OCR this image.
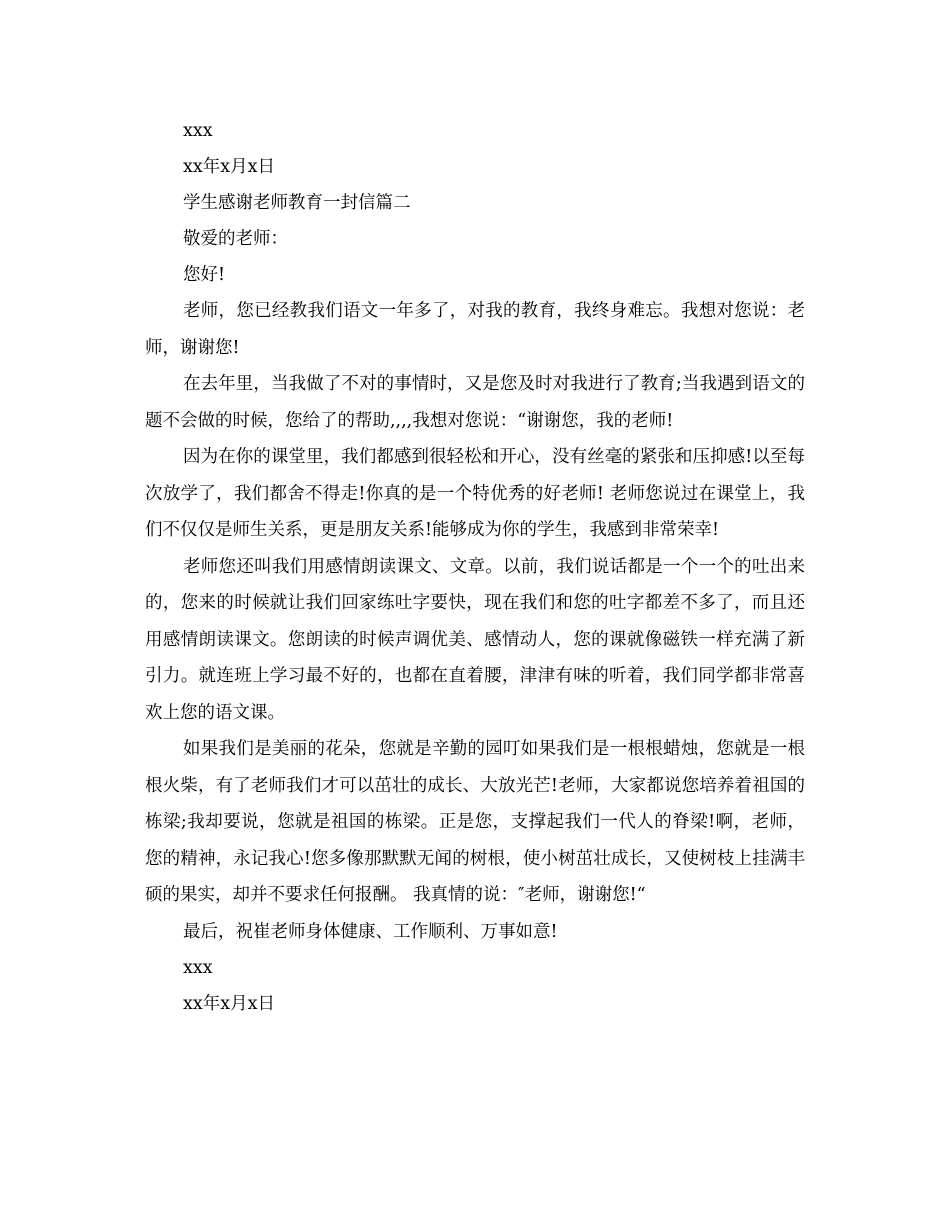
xxx

xx年x月x日

学生感谢老师教育一封信篇二

敬爱的老师：

您好!

老师，您已经教我们语文一年多了，对我的教育，我终身难忘。我想对您说：老师，谢谢您!

在去年里，当我做了不对的事情时，又是您及时对我进行了教育;当我遇到语文的题不会做的时候，您给了的帮助,,,,我想对您说：“谢谢您，我的老师!

因为在你的课堂里，我们都感到很轻松和开心，没有丝毫的紧张和压抑感!以至每次放学了，我们都舍不得走!你真的是一个特优秀的好老师! 老师您说过在课堂上，我们不仅仅是师生关系，更是朋友关系!能够成为你的学生，我感到非常荣幸!

老师您还叫我们用感情朗读课文、文章。以前，我们说话都是一个一个的吐出来的，您来的时候就让我们回家练吐字要快，现在我们和您的吐字都差不多了，而且还用感情朗读课文。您朗读的时候声调优美、感情动人，您的课就像磁铁一样充满了新引力。就连班上学习最不好的，也都在直着腰，津津有味的听着，我们同学都非常喜欢上您的语文课。

如果我们是美丽的花朵，您就是辛勤的园叮如果我们是一根根蜡烛，您就是一根根火柴，有了老师我们才可以茁壮的成长、大放光芒!老师，大家都说您培养着祖国的栋梁;我却要说，您就是祖国的栋梁。正是您，支撑起我们一代人的脊梁!啊，老师，您的精神，永记我心!您多像那默默无闻的树根，使小树茁壮成长，又使树枝上挂满丰硕的果实，却并不要求任何报酬。 我真情的说：″老师，谢谢您!“

最后，祝崔老师身体健康、工作顺利、万事如意!

xxx

xx年x月x日
